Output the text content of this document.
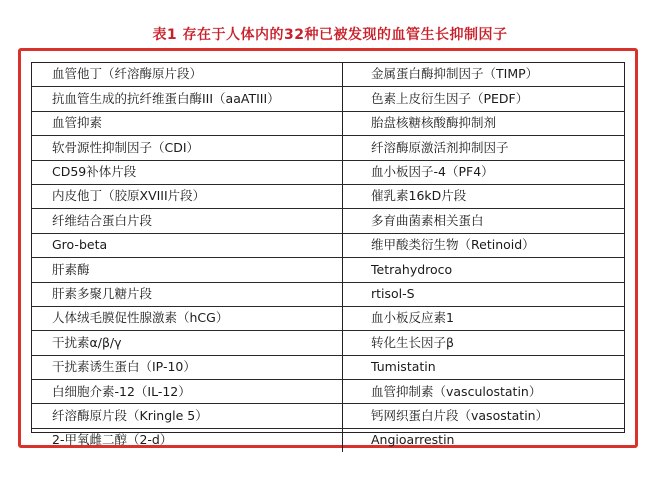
表1 存在于人体内的32种已被发现的血管生长抑制因子
血管他丁（纤溶酶原片段）	金属蛋白酶抑制因子（TIMP）
抗血管生成的抗纤维蛋白酶III（aaATIII）	色素上皮衍生因子（PEDF）
血管抑素	胎盘核糖核酸酶抑制剂
软骨源性抑制因子（CDI）	纤溶酶原激活剂抑制因子
CD59补体片段	血小板因子-4（PF4）
内皮他丁（胶原XVIII片段）	催乳素16kD片段
纤维结合蛋白片段	多育曲菌素相关蛋白
Gro-beta	维甲酸类衍生物（Retinoid）
肝素酶	Tetrahydroco
肝素多聚几糖片段	rtisol-S
人体绒毛膜促性腺激素（hCG）	血小板反应素1
干扰素α/β/γ	转化生长因子β
干扰素诱生蛋白（IP-10）	Tumistatin
白细胞介素-12（IL-12）	血管抑制素（vasculostatin）
纤溶酶原片段（Kringle 5）	钙网织蛋白片段（vasostatin）
2-甲氧雌二醇（2-d）	Angioarrestin
